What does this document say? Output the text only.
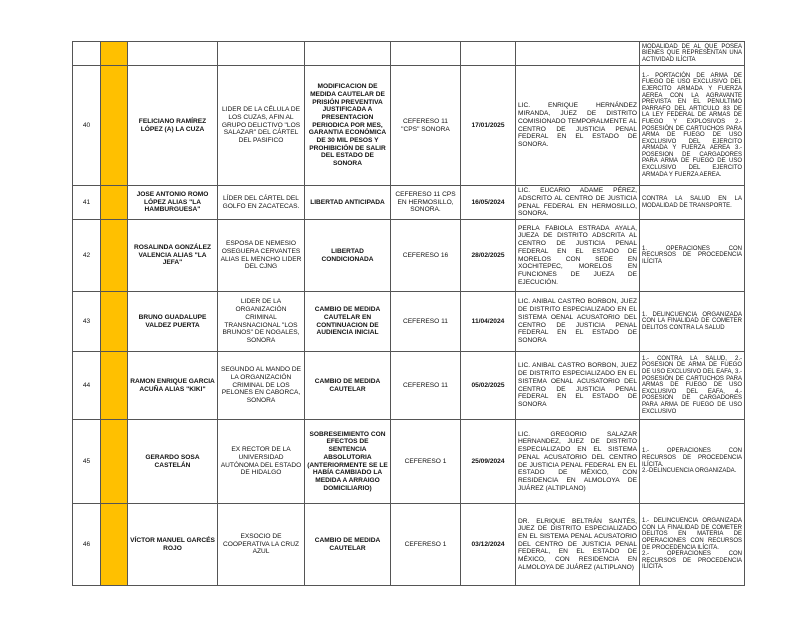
								MODALIDAD DE AL QUE POSEA BIENES QUE REPRESENTAN UNA ACTIVIDAD ILÍCITA
40		FELICIANO RAMÍREZ LÓPEZ (A) LA CUZA	LIDER DE LA CÉLULA DE LOS CUZAS, AFIN AL GRUPO DELICTIVO "LOS SALAZAR" DEL CÁRTEL DEL PASIFICO	MODIFICACION DE MEDIDA CAUTELAR DE PRISIÓN PREVENTIVA JUSTIFICADA A PRESENTACION PERIODICA POR MES, GARANTIA ECONÓMICA DE 30 MIL PESOS Y PROHIBICIÓN DE SALIR DEL ESTADO DE SONORA	CEFERESO 11 "CPS" SONORA	17/01/2025	LIC. ENRIQUE HERNÁNDEZ MIRANDA, JUEZ DE DISTRITO COMISIONADO TEMPORALMENTE AL CENTRO DE JUSTICIA PENAL FEDERAL EN EL ESTADO DE SONORA.	1.- PORTACIÓN DE ARMA DE FUEGO DE USO EXCLUSIVO DEL EJERCITO ARMADA Y FUERZA AEREA CON LA AGRAVANTE PREVISTA EN EL PENULTIMO PARRAFO DEL ARTICULO 83 DE LA LEY FEDERAL DE ARMAS DE FUEGO Y EXPLOSIVOS 2.- POSESIÓN DE CARTUCHOS PARA ARMA DE FUEGO DE USO EXCLUSIVO DEL EJERCITO ARMADA Y FUERZA AEREA 3.- POSESION DE CARGADORES PARA ARMA DE FUEGO DE USO EXCLUSIVO DEL EJERCITO ARMADA Y FUERZA AEREA.
41		JOSE ANTONIO ROMO LÓPEZ ALIAS "LA HAMBURGUESA"	LÍDER DEL CÁRTEL DEL GOLFO EN ZACATECAS.	LIBERTAD ANTICIPADA	CEFERESO 11 CPS EN HERMOSILLO, SONORA.	16/05/2024	LIC. EUCARIO ADAME PÉREZ, ADSCRITO AL CENTRO DE JUSTICIA PENAL FEDERAL EN HERMOSILLO, SONORA.	CONTRA LA SALUD EN LA MODALIDAD DE TRANSPORTE.
42		ROSALINDA GONZÁLEZ VALENCIA ALIAS "LA JEFA"	ESPOSA DE NEMESIO OSEGUERA CERVANTES ALIAS EL MENCHO LIDER DEL CJNG	LIBERTAD CONDICIONADA	CEFERESO 16	28/02/2025	PERLA FABIOLA ESTRADA AYALA, JUEZA DE DISTRITO ADSCRITA AL CENTRO DE JUSTICIA PENAL FEDERAL EN EL ESTADO DE MORELOS CON SEDE EN XOCHITEPEC, MORELOS EN FUNCIONES DE JUEZA DE EJECUCIÓN.	1. OPERACIONES CON RECURSOS DE PROCEDENCIA ILÍCITA
43		BRUNO GUADALUPE VALDEZ PUERTA	LIDER DE LA ORGANIZACIÓN CRIMINAL TRANSNACIONAL "LOS BRUNOS" DE NOGALES, SONORA	CAMBIO DE MEDIDA CAUTELAR EN CONTINUACION DE AUDIENCIA INICIAL	CEFERESO 11	11/04/2024	LIC. ANIBAL CASTRO BORBON, JUEZ DE DISTRITO ESPECIALIZADO EN EL SISTEMA OENAL ACUSATORIO DEL CENTRO DE JUSTICIA PENAL FEDERAL EN EL ESTADO DE SONORA	1. DELINCUENCIA ORGANIZADA CON LA FINALIDAD DE COMETER DELITOS CONTRA LA SALUD
44		RAMON ENRIQUE GARCIA ACUÑA ALIAS "KIKI"	SEGUNDO AL MANDO DE LA ORGANIZACIÓN CRIMINAL DE LOS PELONES EN CABORCA, SONORA	CAMBIO DE MEDIDA CAUTELAR	CEFERESO 11	05/02/2025	LIC. ANIBAL CASTRO BORBON, JUEZ DE DISTRITO ESPECIALIZADO EN EL SISTEMA OENAL ACUSATORIO DEL CENTRO DE JUSTICIA PENAL FEDERAL EN EL ESTADO DE SONORA	1.- CONTRA LA SALUD, 2.- POSESION DE ARMA DE FUEGO DE USO EXCLUSIVO DEL EAFA, 3.- POSESIÓN DE CARTUCHOS PARA ARMAS DE FUEGO DE USO EXCLUSIVO DEL EAFA, 4.- POSESION DE CARGADORES PARA ARMA DE FUEGO DE USO EXCLUSIVO
45		GERARDO SOSA CASTELÁN	EX RECTOR DE LA UNIVERSIDAD AUTÓNOMA DEL ESTADO DE HIDALGO	SOBRESEIMIENTO CON EFECTOS DE SENTENCIA ABSOLUTORIA (ANTERIORMENTE SE LE HABÍA CAMBIADO LA MEDIDA A ARRAIGO DOMICILIARIO)	CEFERESO 1	25/09/2024	LIC. GREGORIO SALAZAR HERNANDEZ, JUEZ DE DISTRITO ESPECIALIZADO EN EL SISTEMA PENAL ACUSATORIO DEL CENTRO DE JUSTICIA PENAL FEDERAL EN EL ESTADO DE MÉXICO, CON RESIDENCIA EN ALMOLOYA DE JUÁREZ (ALTIPLANO)	1.- OPERACIONES CON RECURSOS DE PROCEDENCIA ILÍCITA.
2.-DELINCUENCIA ORGANIZADA.
46		VÍCTOR MANUEL GARCÉS ROJO	EXSOCIO DE COOPERATIVA LA CRUZ AZUL	CAMBIO DE MEDIDA CAUTELAR	CEFERESO 1	03/12/2024	DR. ELRIQUE BELTRÁN SANTÉS, JUEZ DE DISTRITO ESPECIALIZADO EN EL SISTEMA PENAL ACUSATORIO DEL CENTRO DE JUSTICIA PENAL FEDERAL, EN EL ESTADO DE MÉXICO, CON RESIDENCIA EN ALMOLOYA DE JUÁREZ (ALTIPLANO)	1.- DELINCUENCIA ORGANIZADA CON LA FINALIDAD DE COMETER DELITOS EN MATERIA DE OPERACIONES CON RECURSOS DE PROCEDENCIA ILÍCITA.
2.- OPERACIONES CON RECURSOS DE PROCEDENCIA ILÍCITA.
